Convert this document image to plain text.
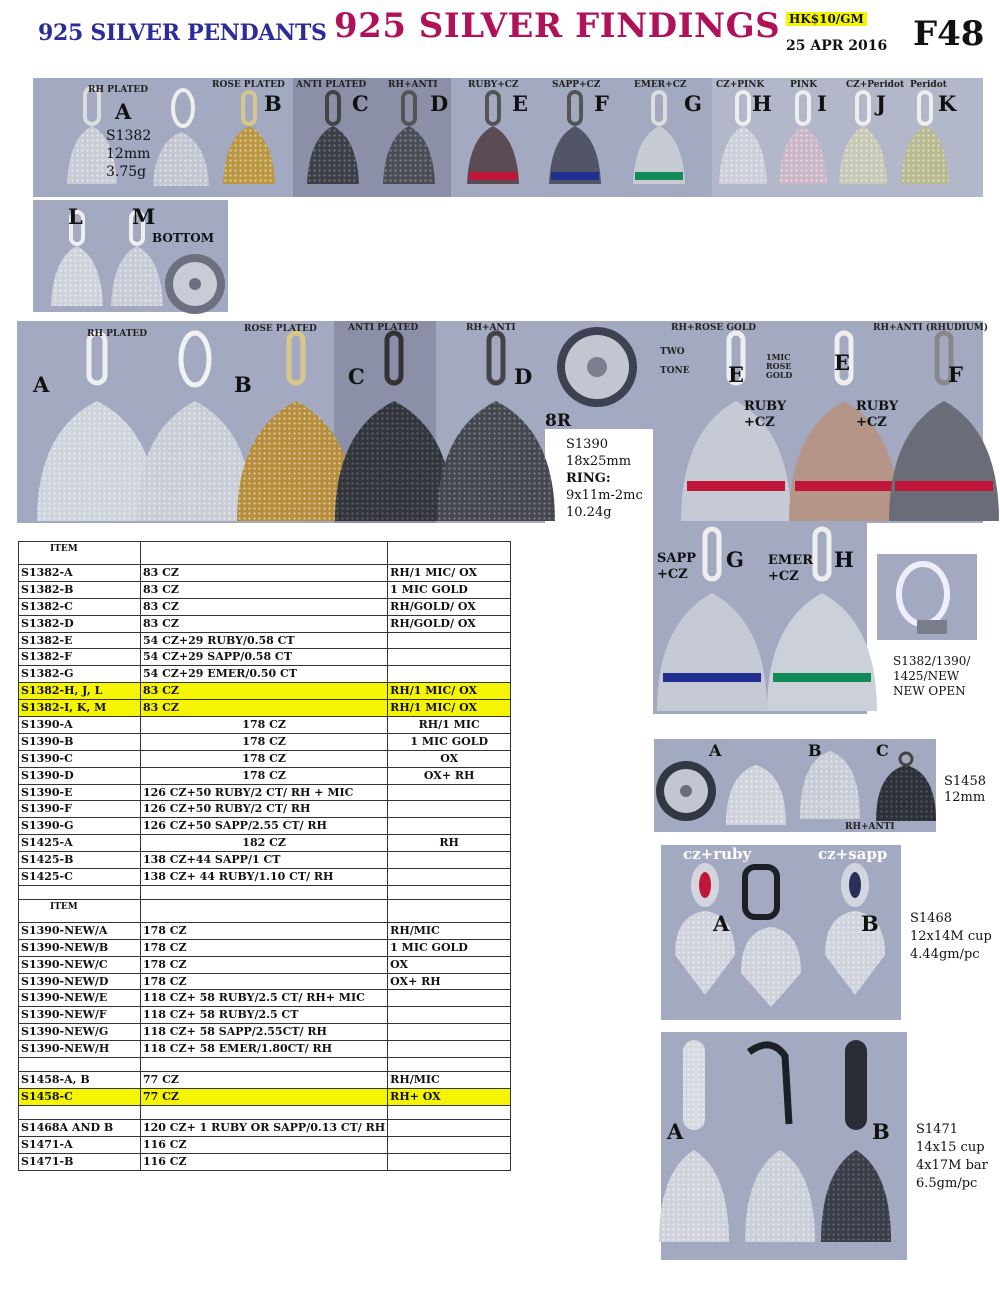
925 SILVER PENDANTS 925 SILVER FINDINGS HK$10/GM
25 APR 2016 F48
RH PLATED	ROSE PLATED ANTI PLATED RH+ANTI	RUBY+CZ	SAPP+CZ	EMER+CZ	CZ+PINK	PINK	CZ+Peridot Peridot
A	B	C	D	E	F	G H I J K
S1382
12mm
3.75g
L M
BOTTOM
RH PLATED	ROSE PLATED	ANTI PLATED	RH+ANTI	RH+ROSE GOLD	RH+ANTI (RHUDIUM)
A	B	C	D	E	E	F
8R
S1390
18x25mm
RING:
9x11m-2mc
10.24g
TWO
TONE
1MIC
ROSE
GOLD
RUBY
+CZ
RUBY
+CZ
SAPP
+CZ
EMER
+CZ
G	H
S1382/1390/
1425/NEW
NEW OPEN
A	B	C
RH+ANTI
S1458
12mm
cz+ruby	cz+sapp
A	B S1468
12x14M cup
4.44gm/pc
A	B S1471
14x15 cup
4x17M bar
6.5gm/pc
ITEM		
S1382-A	83 CZ	RH/1 MIC/ OX
S1382-B	83 CZ	1 MIC GOLD
S1382-C	83 CZ	RH/GOLD/ OX
S1382-D	83 CZ	RH/GOLD/ OX
S1382-E	54 CZ+29 RUBY/0.58 CT	
S1382-F	54 CZ+29 SAPP/0.58 CT	
S1382-G	54 CZ+29 EMER/0.50 CT	
S1382-H, J, L	83 CZ	RH/1 MIC/ OX
S1382-I, K, M	83 CZ	RH/1 MIC/ OX
S1390-A	178 CZ	RH/1 MIC
S1390-B	178 CZ	1 MIC GOLD
S1390-C	178 CZ	OX
S1390-D	178 CZ	OX+ RH
S1390-E	126 CZ+50 RUBY/2 CT/ RH + MIC	
S1390-F	126 CZ+50 RUBY/2 CT/ RH	
S1390-G	126 CZ+50 SAPP/2.55 CT/ RH	
S1425-A	182 CZ	RH
S1425-B	138 CZ+44 SAPP/1 CT	
S1425-C	138 CZ+ 44 RUBY/1.10 CT/ RH	

ITEM		
S1390-NEW/A	178 CZ	RH/MIC
S1390-NEW/B	178 CZ	1 MIC GOLD
S1390-NEW/C	178 CZ	OX
S1390-NEW/D	178 CZ	OX+ RH
S1390-NEW/E	118 CZ+ 58 RUBY/2.5 CT/ RH+ MIC	
S1390-NEW/F	118 CZ+ 58 RUBY/2.5 CT	
S1390-NEW/G	118 CZ+ 58 SAPP/2.55CT/ RH	
S1390-NEW/H	118 CZ+ 58 EMER/1.80CT/ RH	

S1458-A, B	77 CZ	RH/MIC
S1458-C	77 CZ	RH+ OX

S1468A AND B	120 CZ+ 1 RUBY OR SAPP/0.13 CT/ RH	
S1471-A	116 CZ	
S1471-B	116 CZ	
